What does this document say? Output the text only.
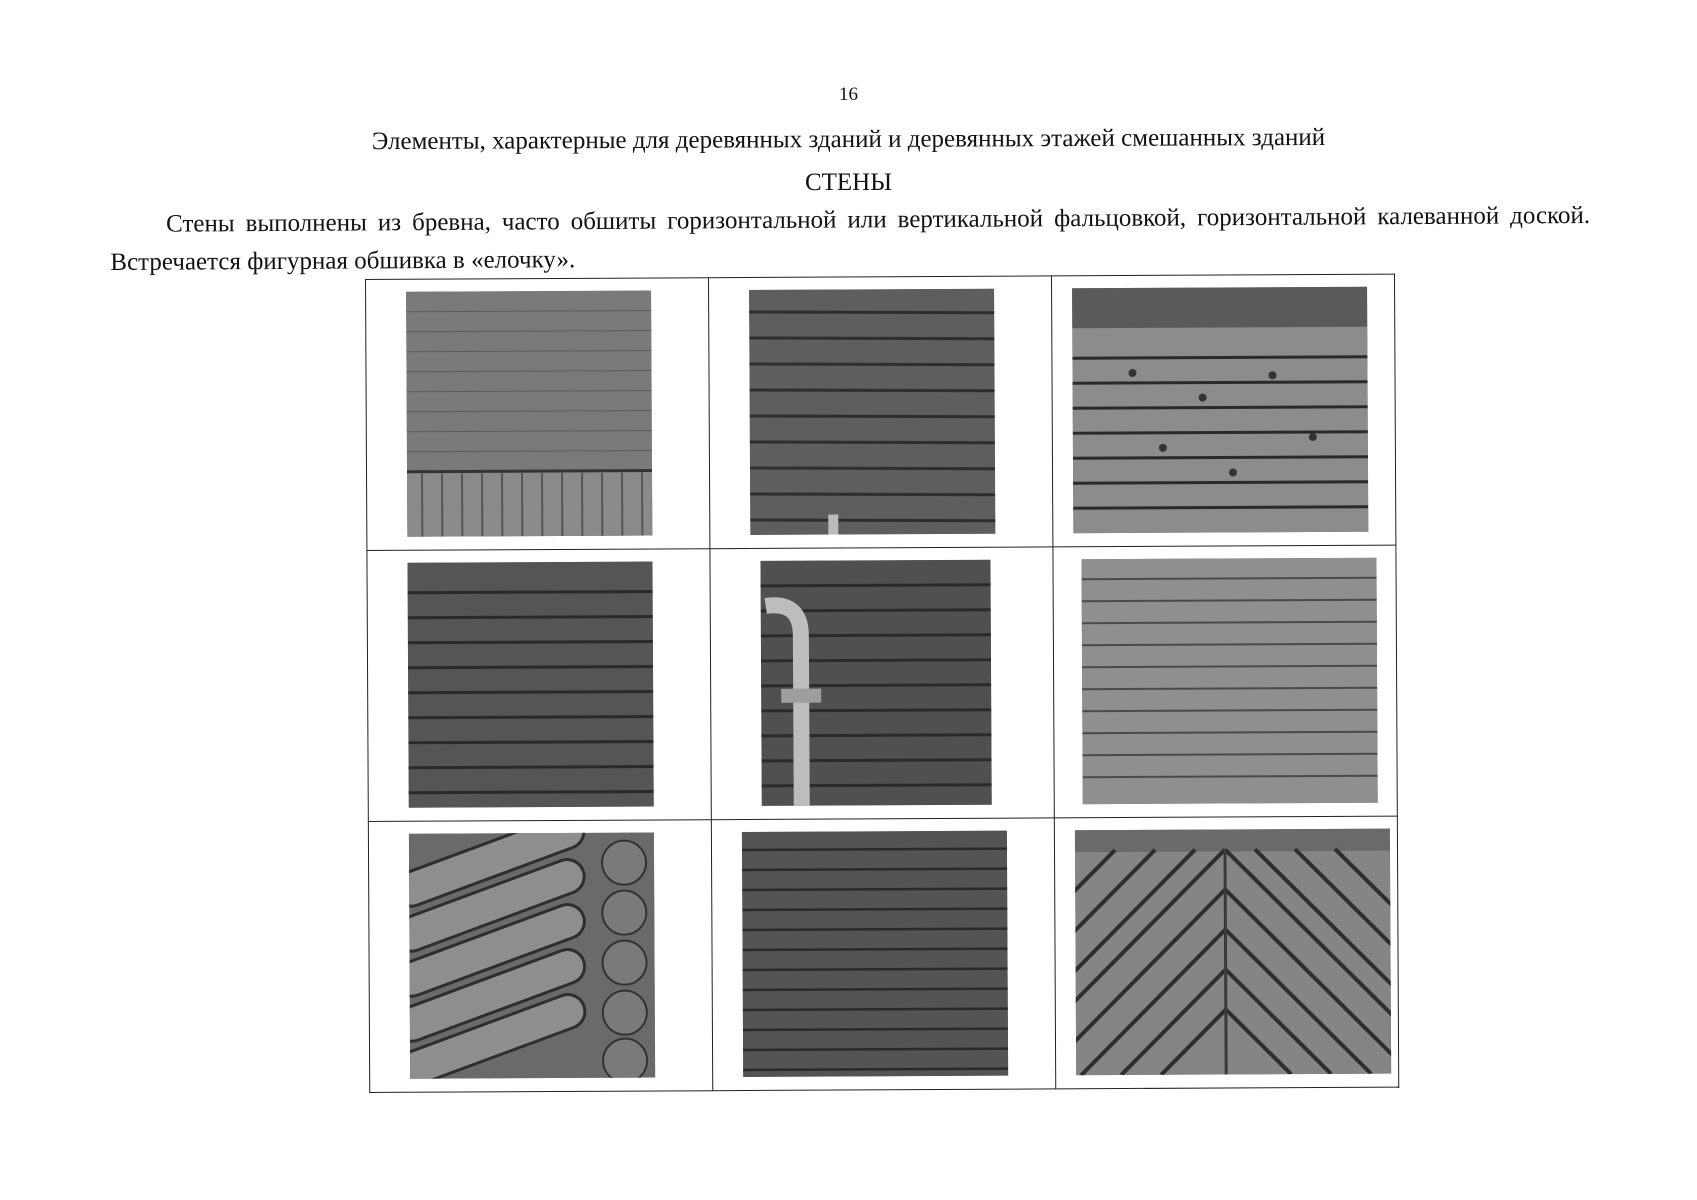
16
Элементы, характерные для деревянных зданий и деревянных этажей смешанных зданий
СТЕНЫ
Стены выполнены из бревна, часто обшиты горизонтальной или вертикальной фальцовкой, горизонтальной калеванной доской. Встречается фигурная обшивка в «елочку».
